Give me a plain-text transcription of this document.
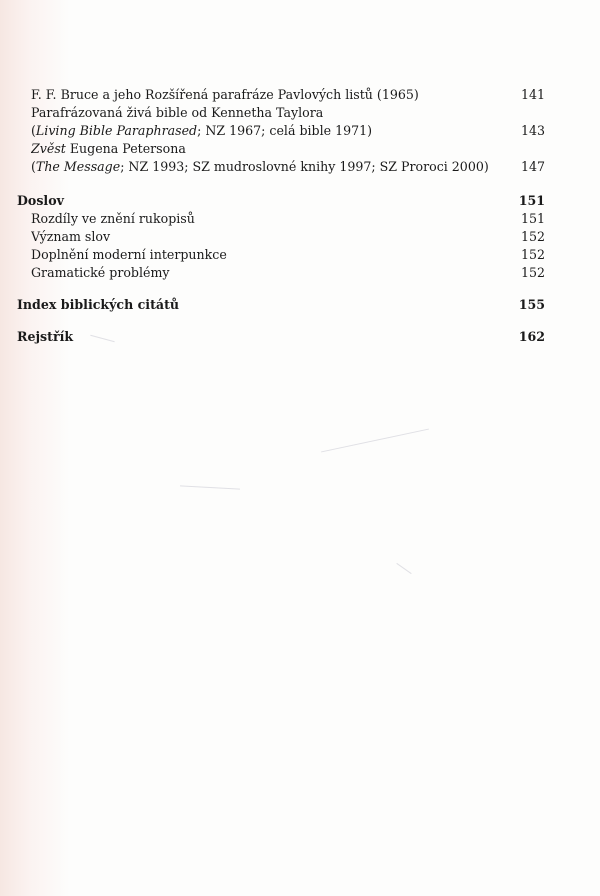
F. F. Bruce a jeho Rozšířená parafráze Pavlových listů (1965)	141
Parafrázovaná živá bible od Kennetha Taylora
(Living Bible Paraphrased; NZ 1967; celá bible 1971)	143
Zvěst Eugena Petersona
(The Message; NZ 1993; SZ mudroslovné knihy 1997; SZ Proroci 2000)	147
Doslov	151
Rozdíly ve znění rukopisů	151
Význam slov	152
Doplnění moderní interpunkce	152
Gramatické problémy	152
Index biblických citátů	155
Rejstřík	162
